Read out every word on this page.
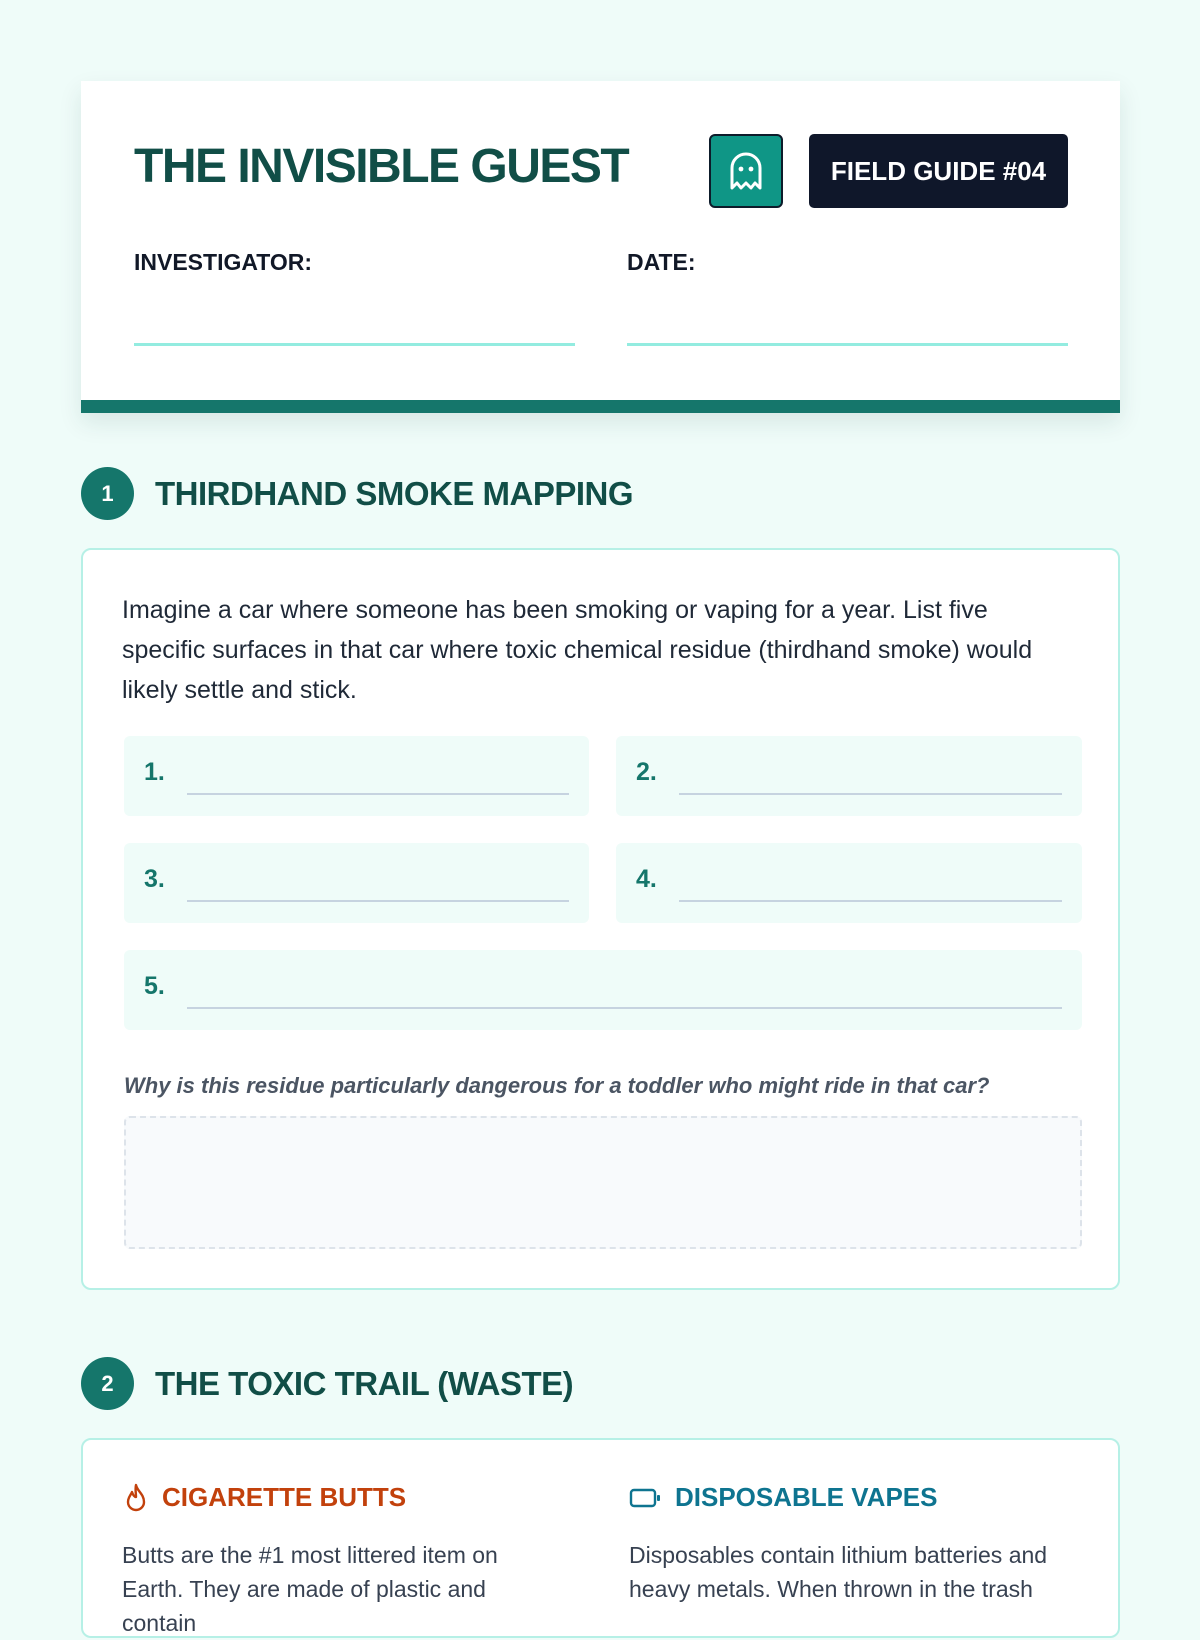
THE INVISIBLE GUEST	FIELD GUIDE #04
INVESTIGATOR:	DATE:
1	THIRDHAND SMOKE MAPPING

Imagine a car where someone has been smoking or vaping for a year. List five specific surfaces in that car where toxic chemical residue (thirdhand smoke) would likely settle and stick.

1.	2.
3.	4.
5.

Why is this residue particularly dangerous for a toddler who might ride in that car?

2	THE TOXIC TRAIL (WASTE)
CIGARETTE BUTTS

Butts are the #1 most littered item on Earth. They are made of plastic and contain

DISPOSABLE VAPES

Disposables contain lithium batteries and heavy metals. When thrown in the trash
